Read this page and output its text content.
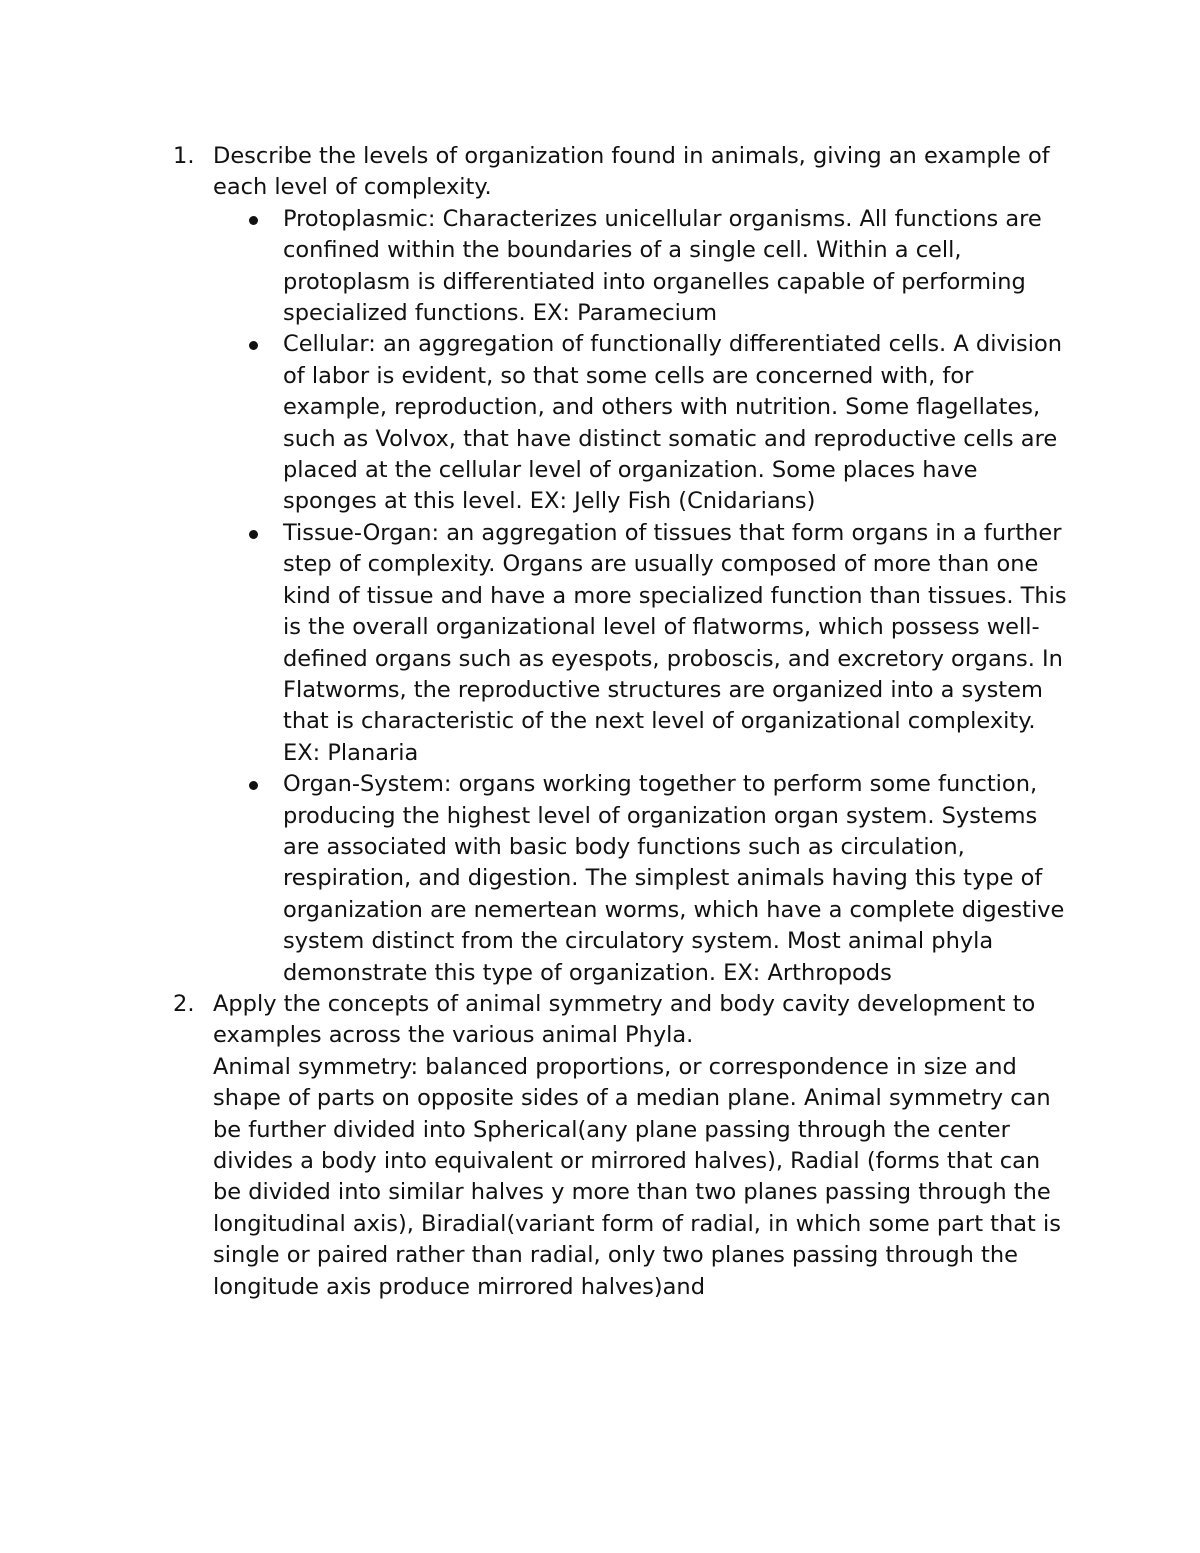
1. Describe the levels of organization found in animals, giving an example of each level of complexity.
Protoplasmic: Characterizes unicellular organisms. All functions are confined within the boundaries of a single cell. Within a cell, protoplasm is differentiated into organelles capable of performing specialized functions. EX: Paramecium
Cellular: an aggregation of functionally differentiated cells. A division of labor is evident, so that some cells are concerned with, for example, reproduction, and others with nutrition. Some flagellates, such as Volvox, that have distinct somatic and reproductive cells are placed at the cellular level of organization. Some places have sponges at this level. EX: Jelly Fish (Cnidarians)
Tissue-Organ: an aggregation of tissues that form organs in a further step of complexity. Organs are usually composed of more than one kind of tissue and have a more specialized function than tissues. This is the overall organizational level of flatworms, which possess well-defined organs such as eyespots, proboscis, and excretory organs. In Flatworms, the reproductive structures are organized into a system that is characteristic of the next level of organizational complexity. EX: Planaria
Organ-System: organs working together to perform some function, producing the highest level of organization organ system. Systems are associated with basic body functions such as circulation, respiration, and digestion. The simplest animals having this type of organization are nemertean worms, which have a complete digestive system distinct from the circulatory system. Most animal phyla demonstrate this type of organization. EX: Arthropods
2. Apply the concepts of animal symmetry and body cavity development to examples across the various animal Phyla.
Animal symmetry: balanced proportions, or correspondence in size and shape of parts on opposite sides of a median plane. Animal symmetry can be further divided into Spherical(any plane passing through the center divides a body into equivalent or mirrored halves), Radial (forms that can be divided into similar halves y more than two planes passing through the longitudinal axis), Biradial(variant form of radial, in which some part that is single or paired rather than radial, only two planes passing through the longitude axis produce mirrored halves)and
